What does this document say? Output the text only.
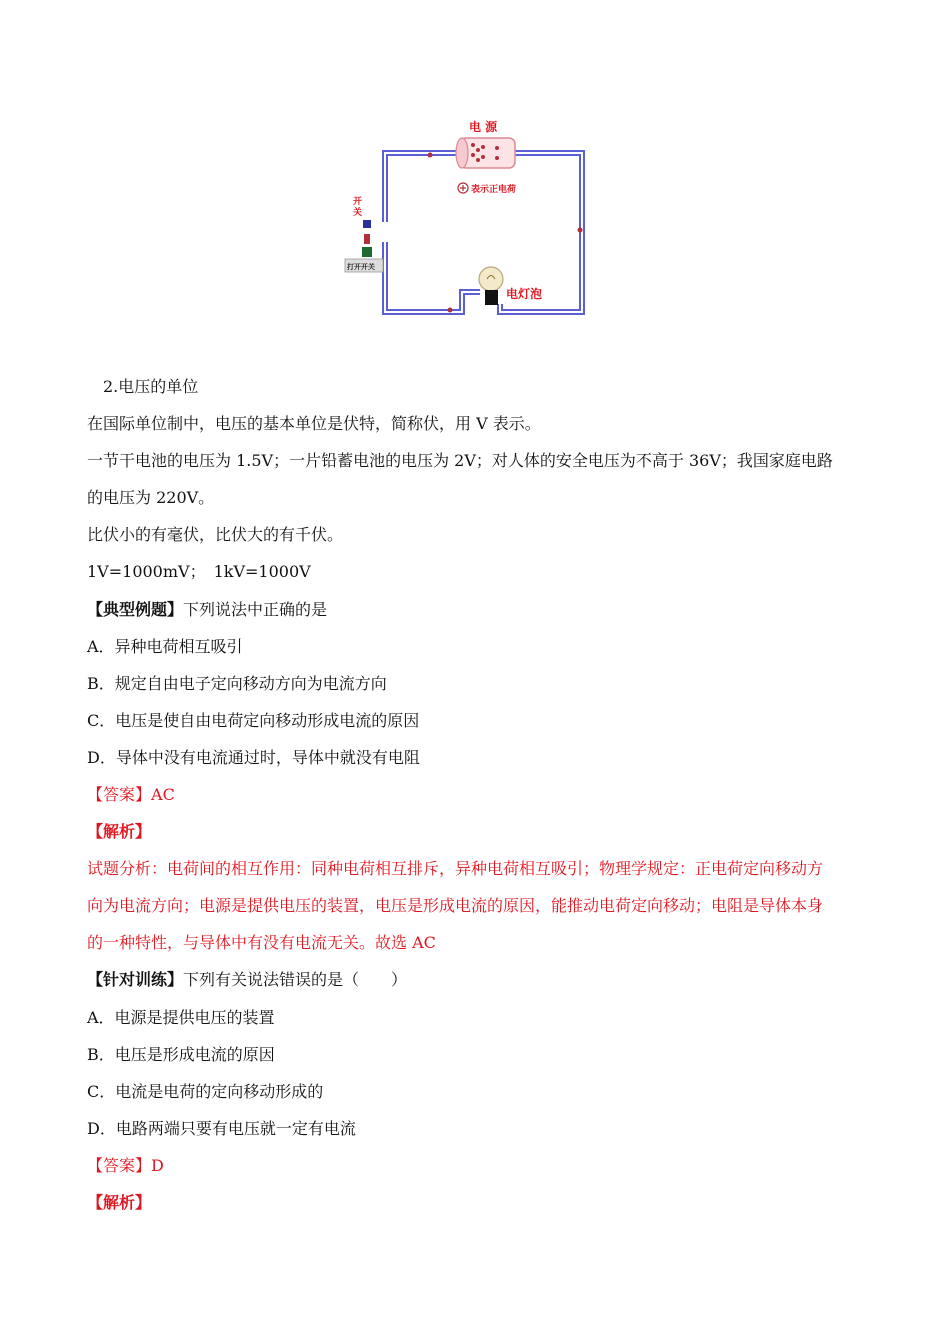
电 源
表示正电荷
开
关
打开开关
电灯泡
2.电压的单位
在国际单位制中，电压的基本单位是伏特，简称伏，用 V 表示。
一节干电池的电压为 1.5V；一片铅蓄电池的电压为 2V；对人体的安全电压为不高于 36V；我国家庭电路
的电压为 220V。
比伏小的有毫伏，比伏大的有千伏。
1V=1000mV；　1kV=1000V
【典型例题】下列说法中正确的是
A．异种电荷相互吸引
B．规定自由电子定向移动方向为电流方向
C．电压是使自由电荷定向移动形成电流的原因
D．导体中没有电流通过时，导体中就没有电阻
【答案】AC
【解析】
试题分析：电荷间的相互作用：同种电荷相互排斥，异种电荷相互吸引；物理学规定：正电荷定向移动方
向为电流方向；电源是提供电压的装置，电压是形成电流的原因，能推动电荷定向移动；电阻是导体本身
的一种特性，与导体中有没有电流无关。故选 AC
【针对训练】下列有关说法错误的是（　　）
A．电源是提供电压的装置
B．电压是形成电流的原因
C．电流是电荷的定向移动形成的
D．电路两端只要有电压就一定有电流
【答案】D
【解析】
